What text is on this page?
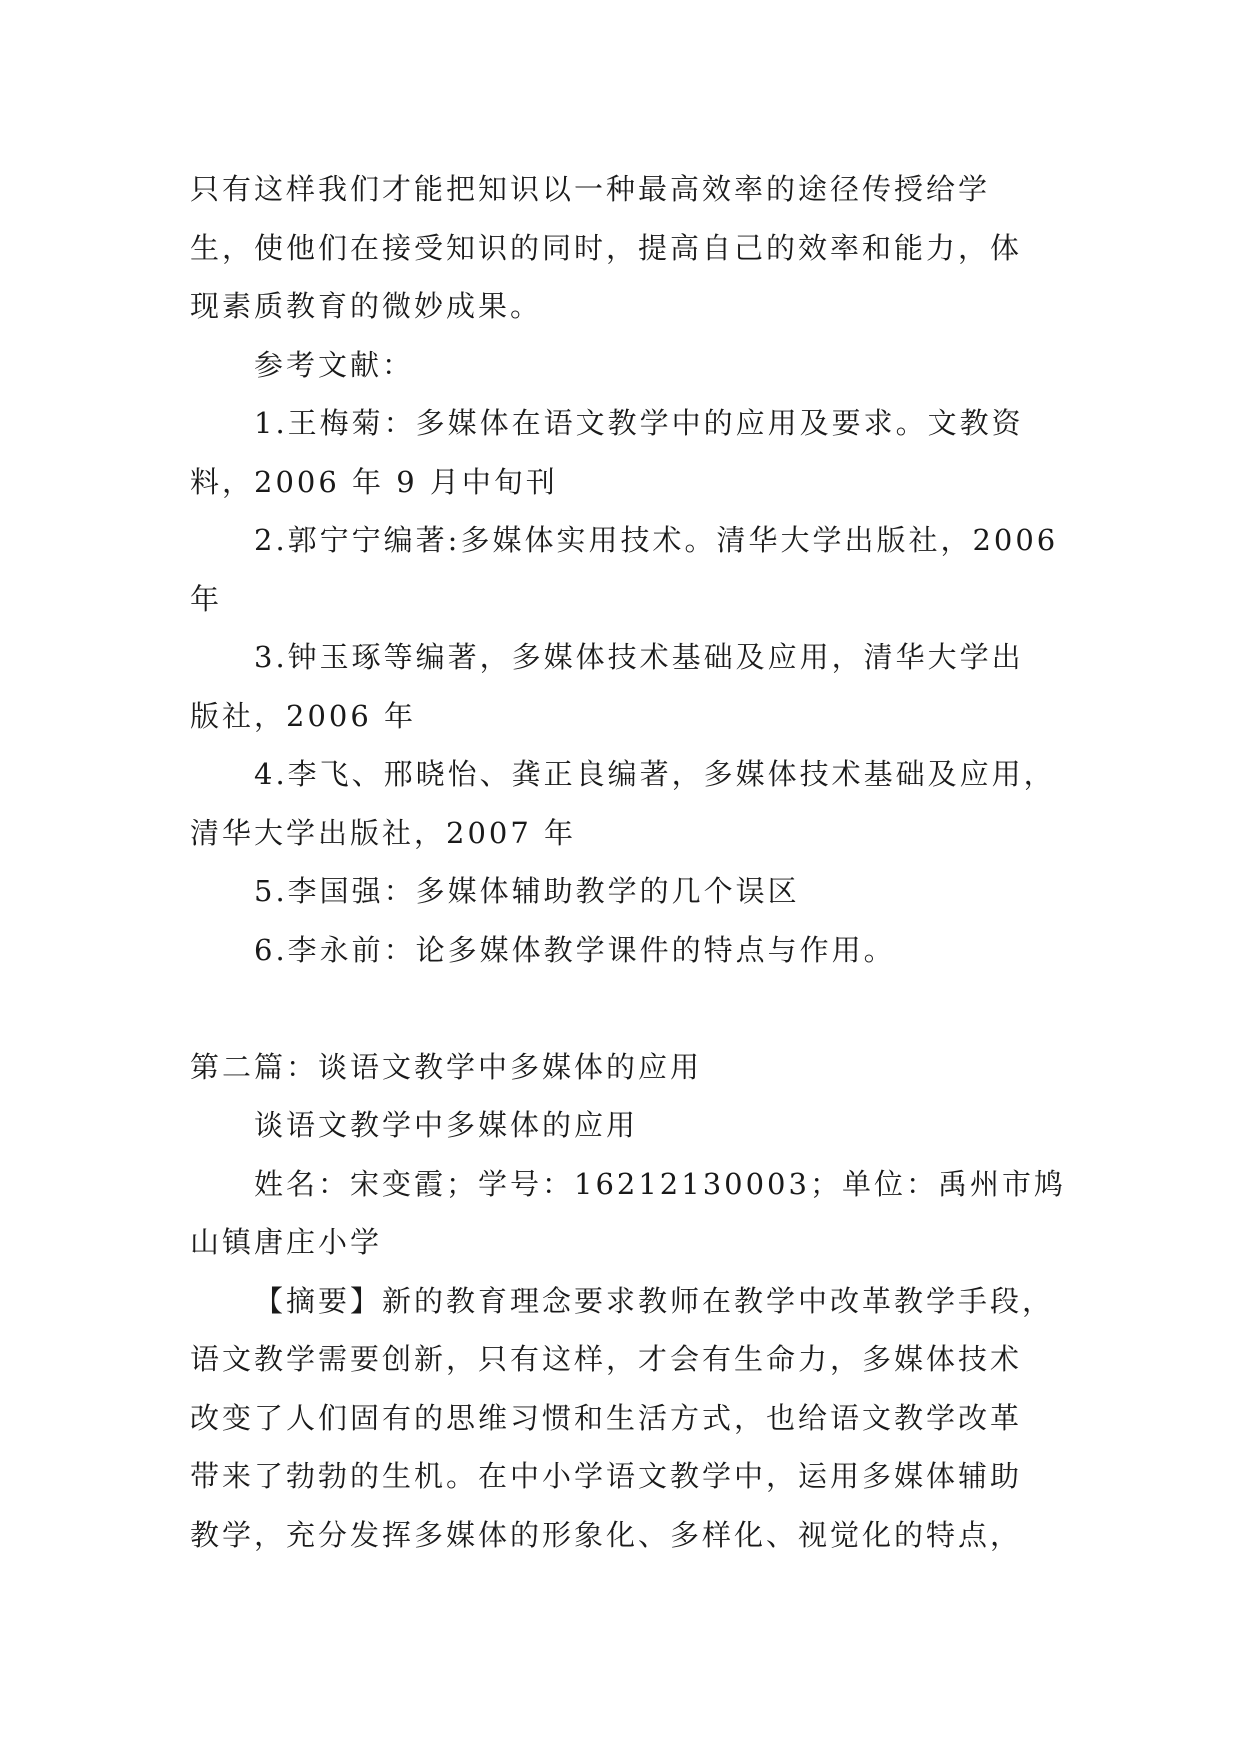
只有这样我们才能把知识以一种最高效率的途径传授给学
生，使他们在接受知识的同时，提高自己的效率和能力，体
现素质教育的微妙成果。
参考文献：
1.王梅菊：多媒体在语文教学中的应用及要求。文教资
料，2006 年 9 月中旬刊
2.郭宁宁编著:多媒体实用技术。清华大学出版社，2006
年
3.钟玉琢等编著，多媒体技术基础及应用，清华大学出
版社，2006 年
4.李飞、邢晓怡、龚正良编著，多媒体技术基础及应用，
清华大学出版社，2007 年
5.李国强：多媒体辅助教学的几个误区
6.李永前：论多媒体教学课件的特点与作用。
第二篇：谈语文教学中多媒体的应用
谈语文教学中多媒体的应用
姓名：宋变霞；学号：16212130003；单位：禹州市鸠
山镇唐庄小学
【摘要】新的教育理念要求教师在教学中改革教学手段，
语文教学需要创新，只有这样，才会有生命力，多媒体技术
改变了人们固有的思维习惯和生活方式，也给语文教学改革
带来了勃勃的生机。在中小学语文教学中，运用多媒体辅助
教学，充分发挥多媒体的形象化、多样化、视觉化的特点，
